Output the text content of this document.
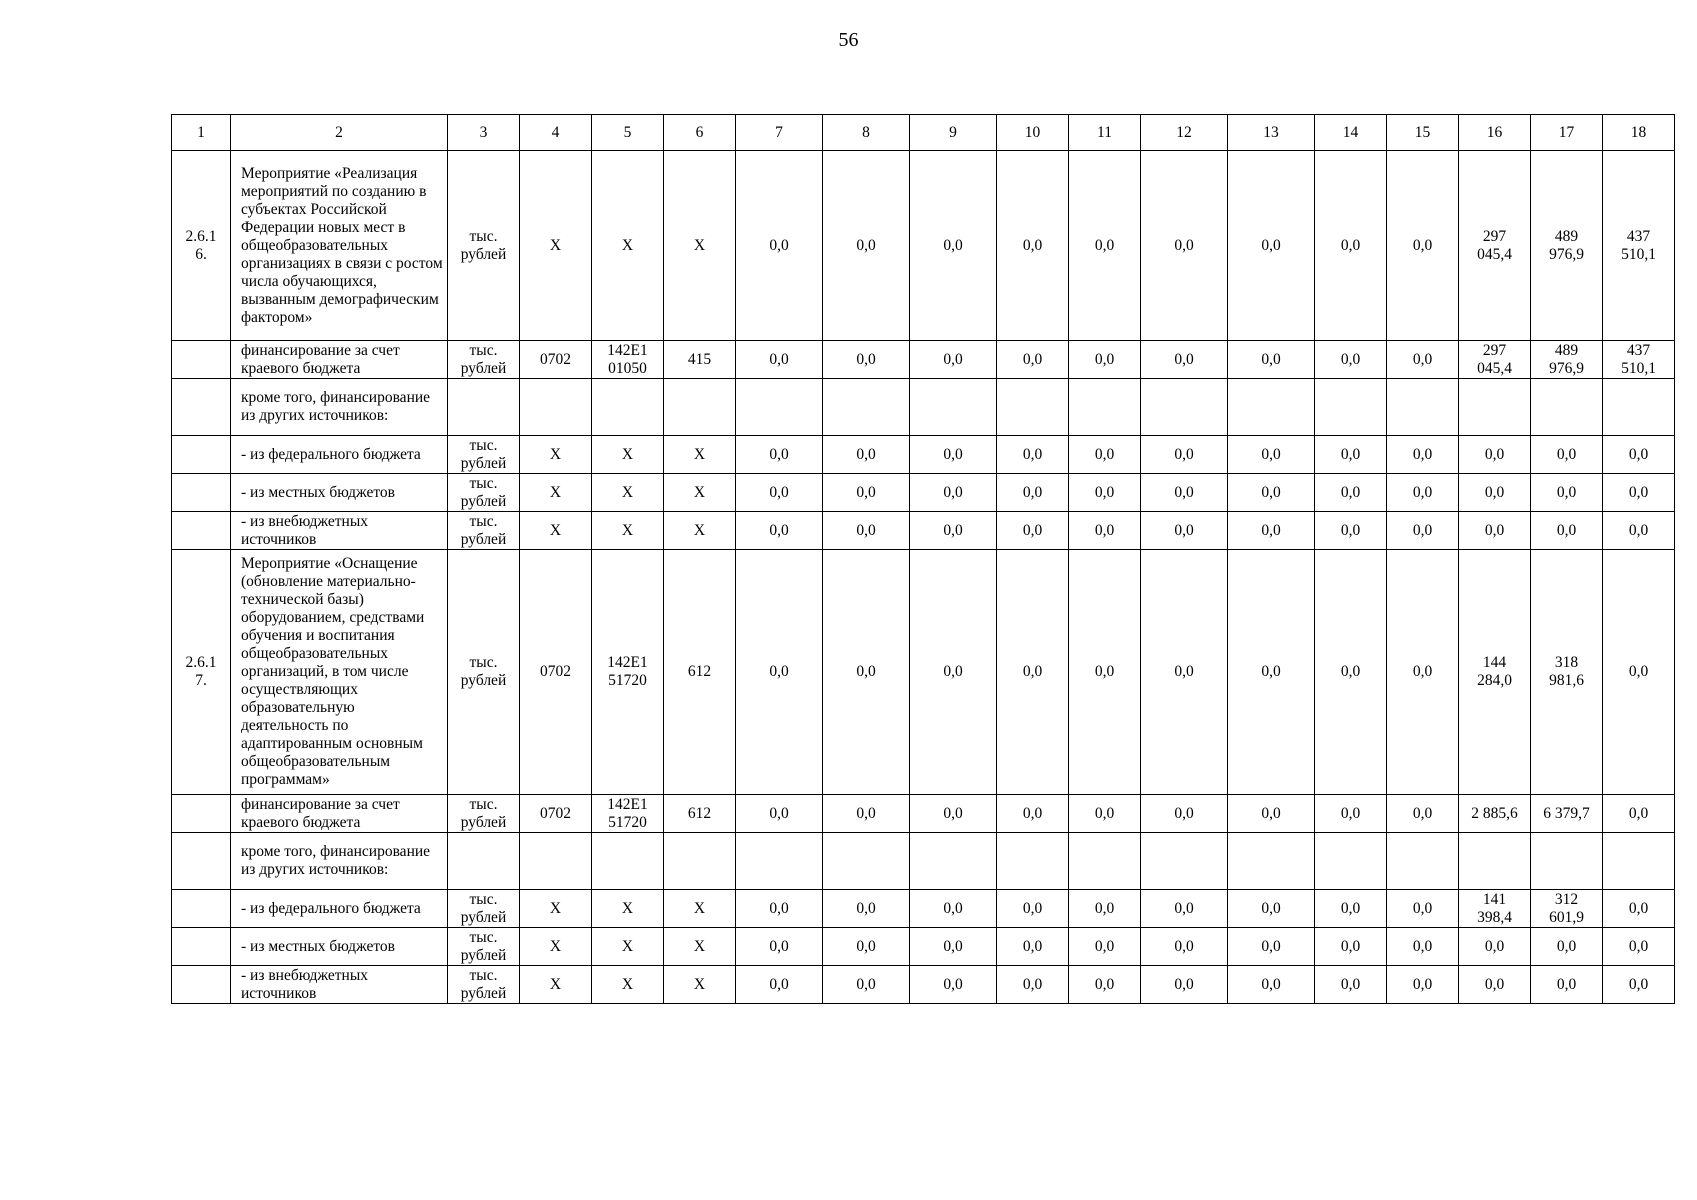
56
1	2	3	4	5	6	7	8	9	10	11	12	13	14	15	16	17	18
2.6.1
6.	Мероприятие «Реализация мероприятий по созданию в субъектах Российской Федерации новых мест в общеобразовательных организациях в связи с ростом числа обучающихся, вызванным демографическим фактором»	тыс.
рублей	X	X	X	0,0	0,0	0,0	0,0	0,0	0,0	0,0	0,0	0,0	297
045,4	489
976,9	437
510,1
	финансирование за счет краевого бюджета	тыс.
рублей	0702	142Е1
01050	415	0,0	0,0	0,0	0,0	0,0	0,0	0,0	0,0	0,0	297
045,4	489
976,9	437
510,1
	кроме того, финансирование из других источников:																
	- из федерального бюджета	тыс.
рублей	X	X	X	0,0	0,0	0,0	0,0	0,0	0,0	0,0	0,0	0,0	0,0	0,0	0,0
	- из местных бюджетов	тыс.
рублей	X	X	X	0,0	0,0	0,0	0,0	0,0	0,0	0,0	0,0	0,0	0,0	0,0	0,0
	- из внебюджетных источников	тыс.
рублей	X	X	X	0,0	0,0	0,0	0,0	0,0	0,0	0,0	0,0	0,0	0,0	0,0	0,0
2.6.1
7.	Мероприятие «Оснащение (обновление материально-технической базы) оборудованием, средствами обучения и воспитания общеобразовательных организаций, в том числе осуществляющих образовательную деятельность по адаптированным основным общеобразовательным программам»	тыс.
рублей	0702	142Е1
51720	612	0,0	0,0	0,0	0,0	0,0	0,0	0,0	0,0	0,0	144
284,0	318
981,6	0,0
	финансирование за счет краевого бюджета	тыс.
рублей	0702	142Е1
51720	612	0,0	0,0	0,0	0,0	0,0	0,0	0,0	0,0	0,0	2 885,6	6 379,7	0,0
	кроме того, финансирование из других источников:																
	- из федерального бюджета	тыс.
рублей	X	X	X	0,0	0,0	0,0	0,0	0,0	0,0	0,0	0,0	0,0	141
398,4	312
601,9	0,0
	- из местных бюджетов	тыс.
рублей	X	X	X	0,0	0,0	0,0	0,0	0,0	0,0	0,0	0,0	0,0	0,0	0,0	0,0
	- из внебюджетных источников	тыс.
рублей	X	X	X	0,0	0,0	0,0	0,0	0,0	0,0	0,0	0,0	0,0	0,0	0,0	0,0
